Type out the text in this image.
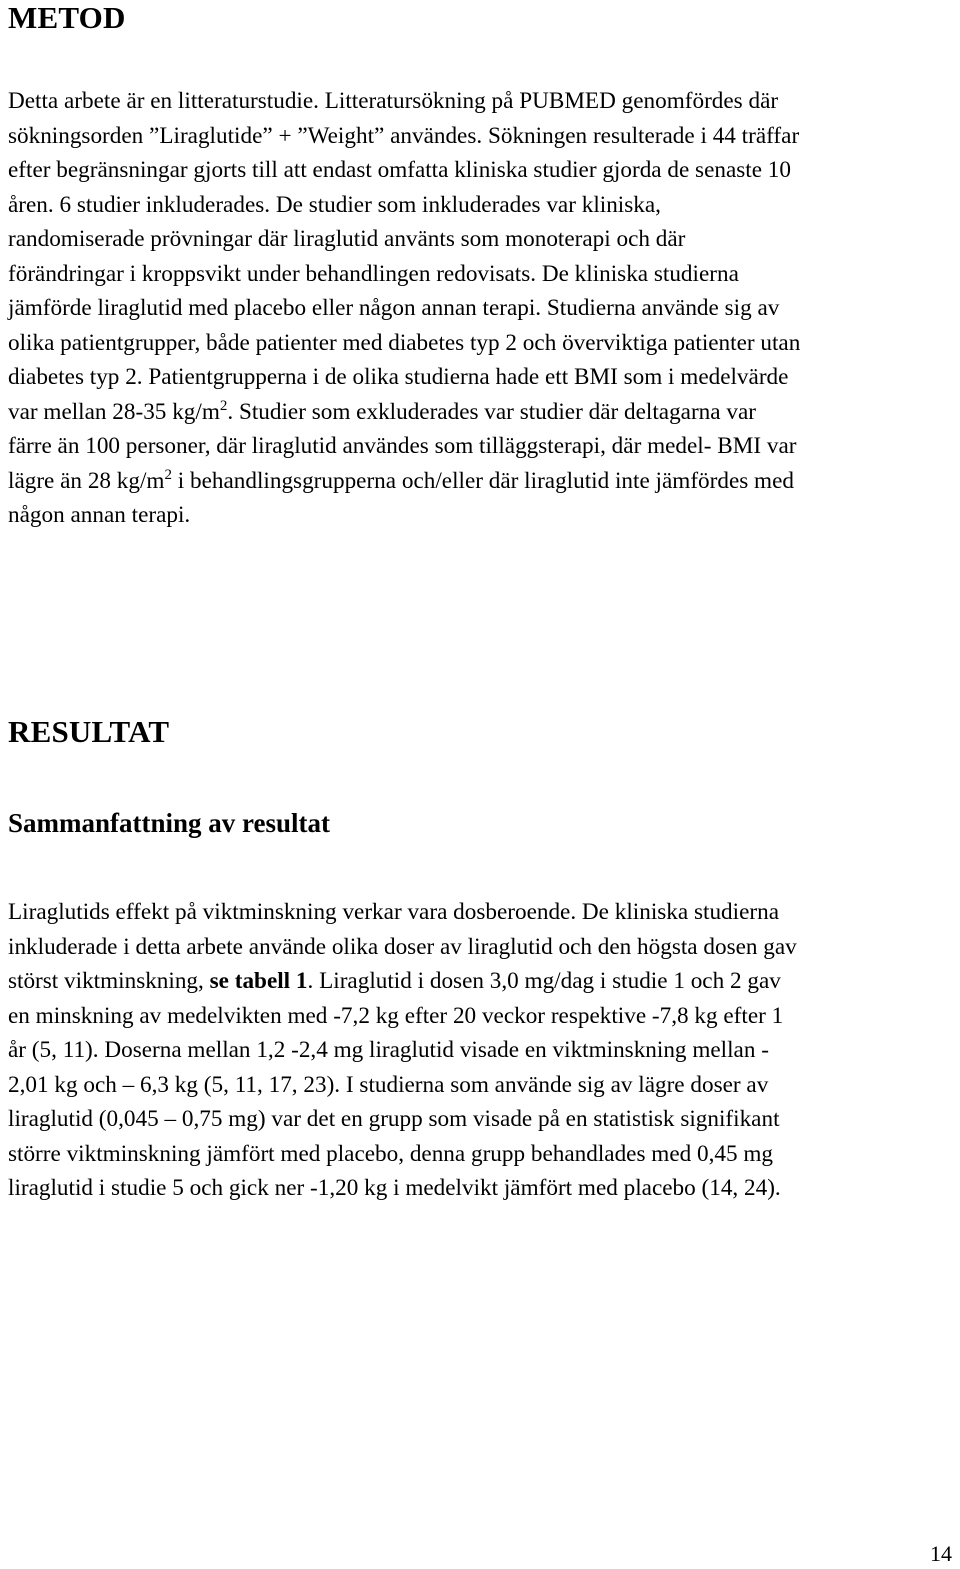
METOD
Detta arbete är en litteraturstudie. Litteratursökning på PUBMED genomfördes där
sökningsorden ”Liraglutide” + ”Weight” användes. Sökningen resulterade i 44 träffar
efter begränsningar gjorts till att endast omfatta kliniska studier gjorda de senaste 10
åren. 6 studier inkluderades. De studier som inkluderades var kliniska,
randomiserade prövningar där liraglutid använts som monoterapi och där
förändringar i kroppsvikt under behandlingen redovisats. De kliniska studierna
jämförde liraglutid med placebo eller någon annan terapi. Studierna använde sig av
olika patientgrupper, både patienter med diabetes typ 2 och överviktiga patienter utan
diabetes typ 2. Patientgrupperna i de olika studierna hade ett BMI som i medelvärde
var mellan 28-35 $kg/m^2$. Studier som exkluderades var studier där deltagarna var
färre än 100 personer, där liraglutid användes som tilläggsterapi, där medel- BMI var
lägre än 28 $kg/m^2$ i behandlingsgrupperna och/eller där liraglutid inte jämfördes med
någon annan terapi.
RESULTAT
Sammanfattning av resultat
Liraglutids effekt på viktminskning verkar vara dosberoende. De kliniska studierna
inkluderade i detta arbete använde olika doser av liraglutid och den högsta dosen gav
störst viktminskning, se tabell 1. Liraglutid i dosen 3,0 mg/dag i studie 1 och 2 gav
en minskning av medelvikten med -7,2 kg efter 20 veckor respektive -7,8 kg efter 1
år (5, 11). Doserna mellan 1,2 -2,4 mg liraglutid visade en viktminskning mellan -
2,01 kg och – 6,3 kg (5, 11, 17, 23). I studierna som använde sig av lägre doser av
liraglutid (0,045 – 0,75 mg) var det en grupp som visade på en statistisk signifikant
större viktminskning jämfört med placebo, denna grupp behandlades med 0,45 mg
liraglutid i studie 5 och gick ner -1,20 kg i medelvikt jämfört med placebo (14, 24).
14
